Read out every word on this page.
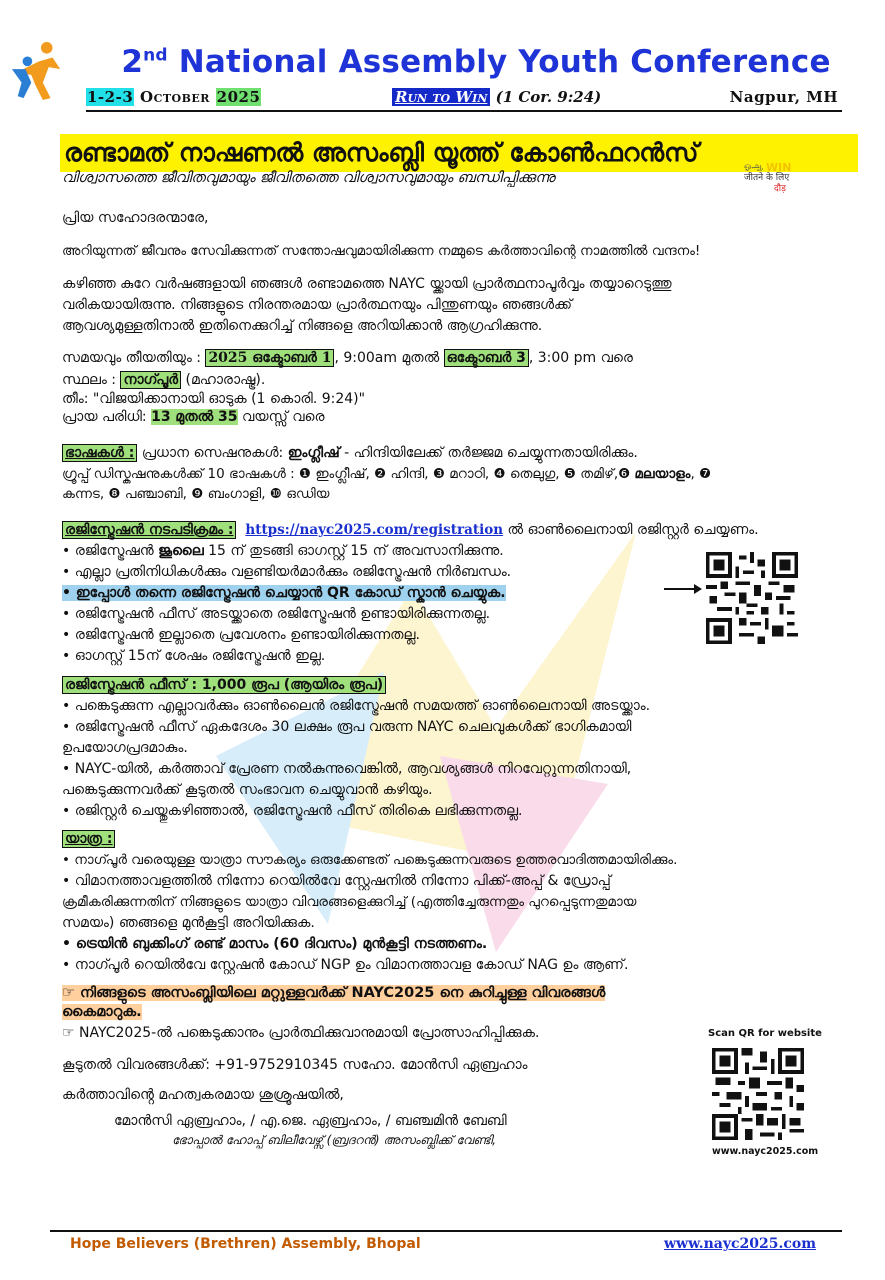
2nd National Assembly Youth Conference
1-2-3 October 2025	Run to Win (1 Cor. 9:24)	Nagpur, MH
രണ്ടാമത് നാഷണൽ അസംബ്ലി യൂത്ത് കോൺഫറൻസ്
വിശ്വാസത്തെ ജീവിതവുമായും ജീവിതത്തെ വിശ്വാസവുമായും ബന്ധിപ്പിക്കുന്നു
ஓஆ WIN
जीतने के लिए
दौड़
പ്രിയ സഹോദരന്മാരേ,
അറിയുന്നത് ജീവനും സേവിക്കുന്നത് സന്തോഷവുമായിരിക്കുന്ന നമ്മുടെ കർത്താവിന്റെ നാമത്തിൽ വന്ദനം!
കഴിഞ്ഞ കുറേ വർഷങ്ങളായി ഞങ്ങൾ രണ്ടാമത്തെ NAYC യ്ക്കായി പ്രാർത്ഥനാപൂർവ്വം തയ്യാറെടുത്തു
വരികയായിരുന്നു. നിങ്ങളുടെ നിരന്തരമായ പ്രാർത്ഥനയും പിന്തുണയും ഞങ്ങൾക്ക്
ആവശ്യമുള്ളതിനാൽ ഇതിനെക്കുറിച്ച് നിങ്ങളെ അറിയിക്കാൻ ആഗ്രഹിക്കുന്നു.
സമയവും തീയതിയും : 2025 ഒക്ടോബർ 1 , 9:00am മുതൽ ഒക്ടോബർ 3 , 3:00 pm വരെ
സ്ഥലം : നാഗ്പൂർ (മഹാരാഷ്ട്ര).
തീം: "വിജയിക്കാനായി ഓടുക (1 കൊരി. 9:24)"
പ്രായ പരിധി: 13 മുതൽ 35 വയസ്സ് വരെ
ഭാഷകൾ : പ്രധാന സെഷനുകൾ: ഇംഗ്ലീഷ് - ഹിന്ദിയിലേക്ക് തർജ്ജമ ചെയ്യുന്നതായിരിക്കും.
ഗ്രൂപ്പ് ഡിസ്കഷനുകൾക്ക് 10 ഭാഷകൾ : ❶ ഇംഗ്ലീഷ്, ❷ ഹിന്ദി, ❸ മറാഠി, ❹ തെലുഗു, ❺ തമിഴ്,❻ മലയാളം, ❼
കന്നട, ❽ പഞ്ചാബി, ❾ ബംഗാളി, ❿ ഒഡിയ
രജിസ്ട്രേഷൻ നടപടിക്രമം : https://nayc2025.com/registration ൽ ഓൺലൈനായി രജിസ്റ്റർ ചെയ്യണം.
• രജിസ്ട്രേഷൻ ജൂലൈ 15 ന് തുടങ്ങി ഓഗസ്റ്റ് 15 ന് അവസാനിക്കുന്നു.
• എല്ലാ പ്രതിനിധികൾക്കും വളണ്ടിയർമാർക്കും രജിസ്ട്രേഷൻ നിർബന്ധം.
• ഇപ്പോൾ തന്നെ രജിസ്ട്രേഷൻ ചെയ്യാൻ QR കോഡ് സ്കാൻ ചെയ്യുക.
• രജിസ്ട്രേഷൻ ഫീസ് അടയ്ക്കാതെ രജിസ്ട്രേഷൻ ഉണ്ടായിരിക്കുന്നതല്ല.
• രജിസ്ട്രേഷൻ ഇല്ലാതെ പ്രവേശനം ഉണ്ടായിരിക്കുന്നതല്ല.
• ഓഗസ്റ്റ് 15ന് ശേഷം രജിസ്ട്രേഷൻ ഇല്ല.
രജിസ്ട്രേഷൻ ഫീസ് : 1,000 രൂപ (ആയിരം രൂപ)
• പങ്കെടുക്കുന്ന എല്ലാവർക്കും ഓൺലൈൻ രജിസ്ട്രേഷൻ സമയത്ത് ഓൺലൈനായി അടയ്ക്കാം.
• രജിസ്ട്രേഷൻ ഫീസ് ഏകദേശം 30 ലക്ഷം രൂപ വരുന്ന NAYC ചെലവുകൾക്ക് ഭാഗികമായി
ഉപയോഗപ്രദമാകും.
• NAYC-യിൽ, കർത്താവ് പ്രേരണ നൽകുന്നുവെങ്കിൽ, ആവശ്യങ്ങൾ നിറവേറ്റുന്നതിനായി,
പങ്കെടുക്കുന്നവർക്ക് കൂടുതൽ സംഭാവന ചെയ്യുവാൻ കഴിയും.
• രജിസ്റ്റർ ചെയ്തുകഴിഞ്ഞാൽ, രജിസ്ട്രേഷൻ ഫീസ് തിരികെ ലഭിക്കുന്നതല്ല.
യാത്ര :
• നാഗ്പൂർ വരെയുള്ള യാത്രാ സൗകര്യം ഒരുക്കേണ്ടത് പങ്കെടുക്കുന്നവരുടെ ഉത്തരവാദിത്തമായിരിക്കും.
• വിമാനത്താവളത്തിൽ നിന്നോ റെയിൽവേ സ്റ്റേഷനിൽ നിന്നോ പിക്ക്-അപ്പ് & ഡ്രോപ്പ്
ക്രമീകരിക്കുന്നതിന് നിങ്ങളുടെ യാത്രാ വിവരങ്ങളെക്കുറിച്ച് (എത്തിച്ചേരുന്നതും പുറപ്പെടുന്നതുമായ
സമയം) ഞങ്ങളെ മുൻകൂട്ടി അറിയിക്കുക.
• ട്രെയിൻ ബുക്കിംഗ് രണ്ട് മാസം (60 ദിവസം) മുൻകൂട്ടി നടത്തണം.
• നാഗ്പൂർ റെയിൽവേ സ്റ്റേഷൻ കോഡ് NGP ഉം വിമാനത്താവള കോഡ് NAG ഉം ആണ്.
☞ നിങ്ങളുടെ അസംബ്ലിയിലെ മറ്റുള്ളവർക്ക് NAYC2025 നെ കുറിച്ചുള്ള വിവരങ്ങൾ
കൈമാറുക.
☞ NAYC2025-ൽ പങ്കെടുക്കാനും പ്രാർത്ഥിക്കുവാനുമായി പ്രോത്സാഹിപ്പിക്കുക.
കൂടുതൽ വിവരങ്ങൾക്ക്: +91-9752910345 സഹോ. മോൻസി ഏബ്രഹാം
കർത്താവിൻ്റെ മഹത്വകരമായ ശുശ്രൂഷയിൽ,
മോൻസി ഏബ്രഹാം, / എ.ജെ. ഏബ്രഹാം, / ബഞ്ചമിൻ ബേബി
ഭോപ്പാൽ ഹോപ്പ് ബിലീവേഴ്സ് (ബ്രദറൻ) അസംബ്ലിക്ക് വേണ്ടി,
Scan QR for website
www.nayc2025.com
Hope Believers (Brethren) Assembly, Bhopal	www.nayc2025.com
